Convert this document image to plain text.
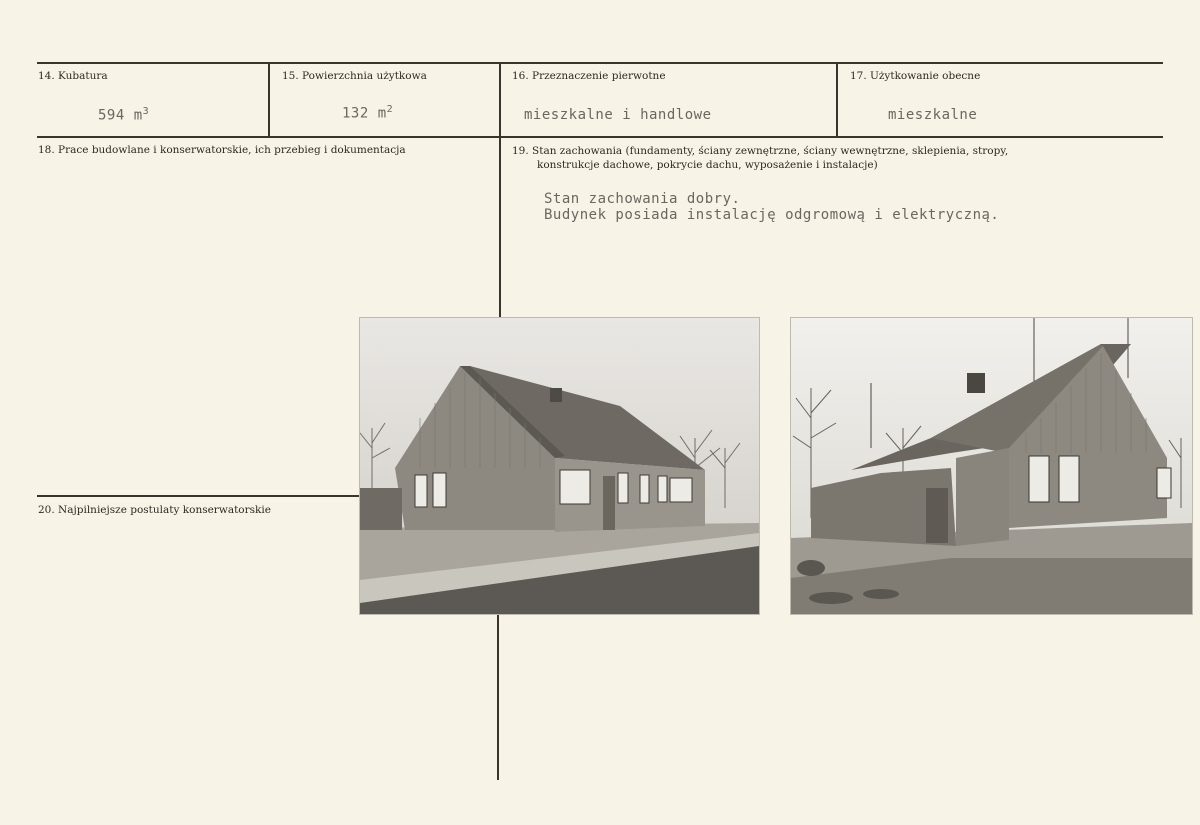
14. Kubatura
594 $m^3$
15. Powierzchnia użytkowa
132 $m^2$
16. Przeznaczenie pierwotne
mieszkalne i handlowe
17. Użytkowanie obecne
mieszkalne
18. Prace budowlane i konserwatorskie, ich przebieg i dokumentacja	19. Stan zachowania (fundamenty, ściany zewnętrzne, ściany wewnętrzne, sklepienia, stropy,
konstrukcje dachowe, pokrycie dachu, wyposażenie i instalacje)
Stan zachowania dobry.
Budynek posiada instalację odgromową i elektryczną.
20. Najpilniejsze postulaty konserwatorskie
